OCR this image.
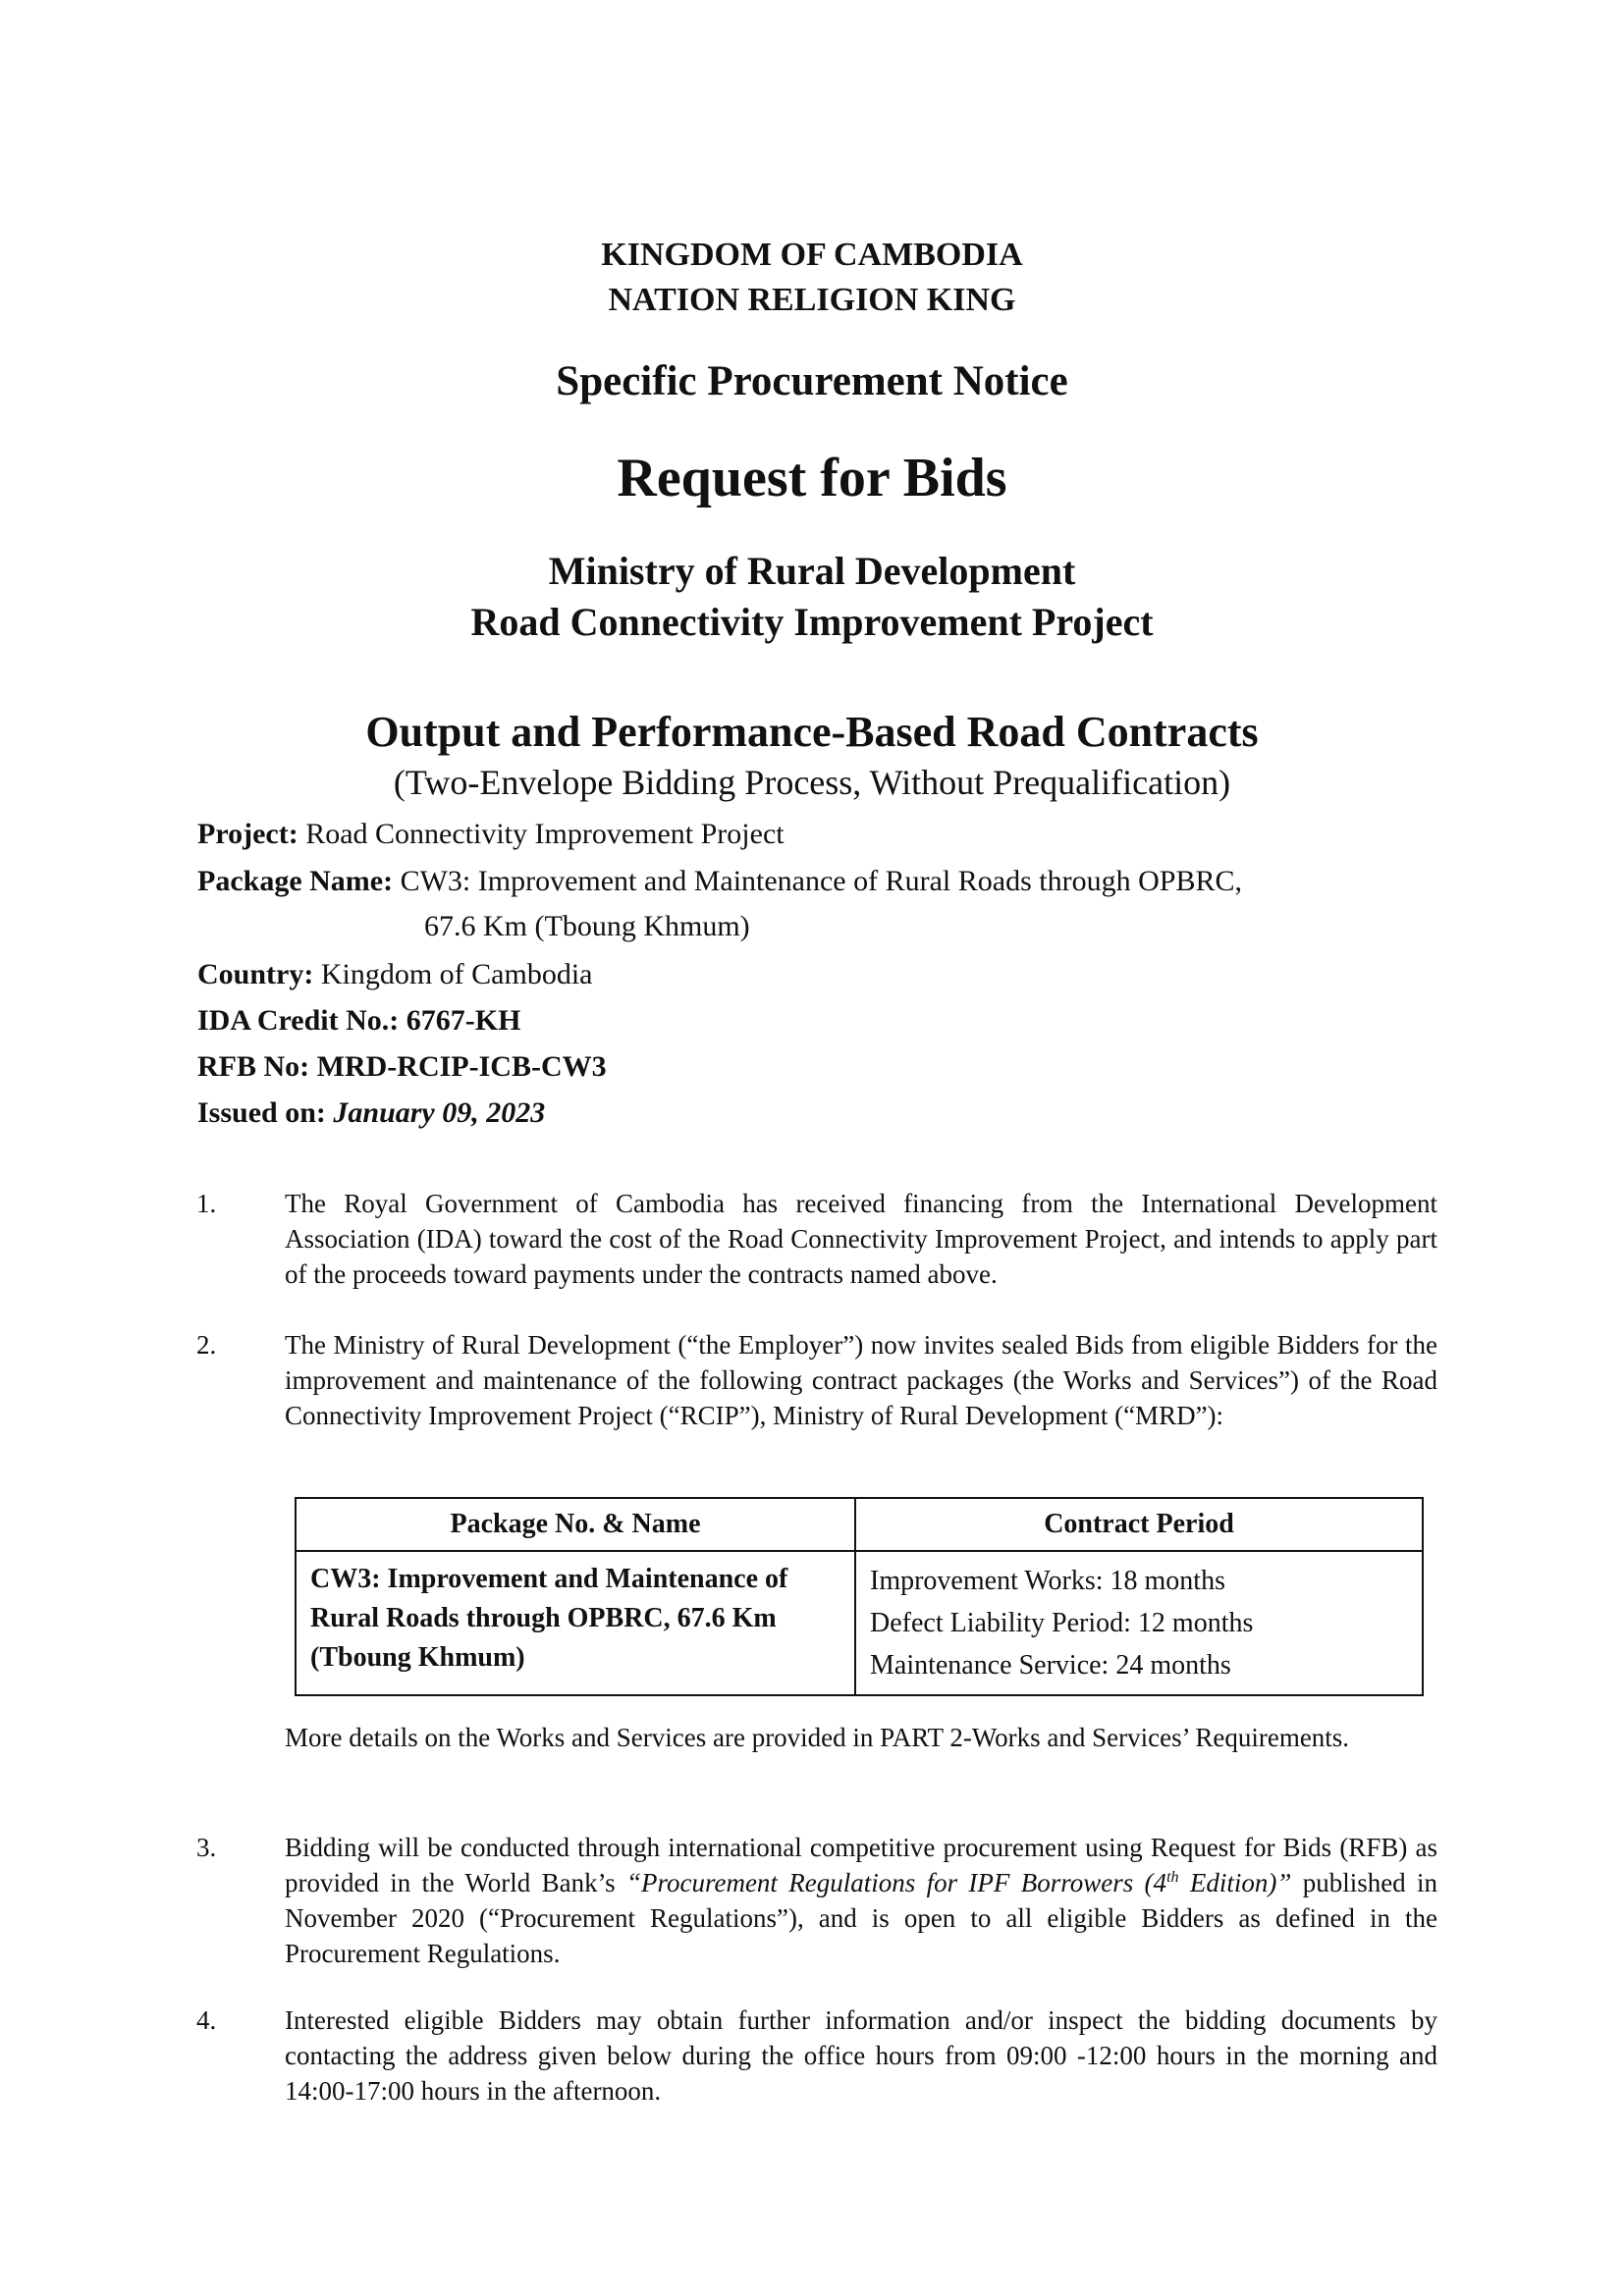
KINGDOM OF CAMBODIA
NATION RELIGION KING
Specific Procurement Notice
Request for Bids
Ministry of Rural Development
Road Connectivity Improvement Project
Output and Performance-Based Road Contracts
(Two-Envelope Bidding Process, Without Prequalification)
Project: Road Connectivity Improvement Project
Package Name: CW3: Improvement and Maintenance of Rural Roads through OPBRC,
67.6 Km (Tboung Khmum)
Country: Kingdom of Cambodia
IDA Credit No.: 6767-KH
RFB No: MRD-RCIP-ICB-CW3
Issued on: January 09, 2023
1.	The Royal Government of Cambodia has received financing from the International Development Association (IDA) toward the cost of the Road Connectivity Improvement Project, and intends to apply part of the proceeds toward payments under the contracts named above.
2.	The Ministry of Rural Development (“the Employer”) now invites sealed Bids from eligible Bidders for the improvement and maintenance of the following contract packages (the Works and Services”) of the Road Connectivity Improvement Project (“RCIP”), Ministry of Rural Development (“MRD”):
Package No. & Name	Contract Period
CW3: Improvement and Maintenance of Rural Roads through OPBRC, 67.6 Km (Tboung Khmum)	Improvement Works: 18 months
Defect Liability Period: 12 months
Maintenance Service: 24 months
More details on the Works and Services are provided in PART 2-Works and Services’ Requirements.
3.	Bidding will be conducted through international competitive procurement using Request for Bids (RFB) as provided in the World Bank’s “Procurement Regulations for IPF Borrowers (4th Edition)” published in November 2020 (“Procurement Regulations”), and is open to all eligible Bidders as defined in the Procurement Regulations.
4.	Interested eligible Bidders may obtain further information and/or inspect the bidding documents by contacting the address given below during the office hours from 09:00 -12:00 hours in the morning and 14:00-17:00 hours in the afternoon.
